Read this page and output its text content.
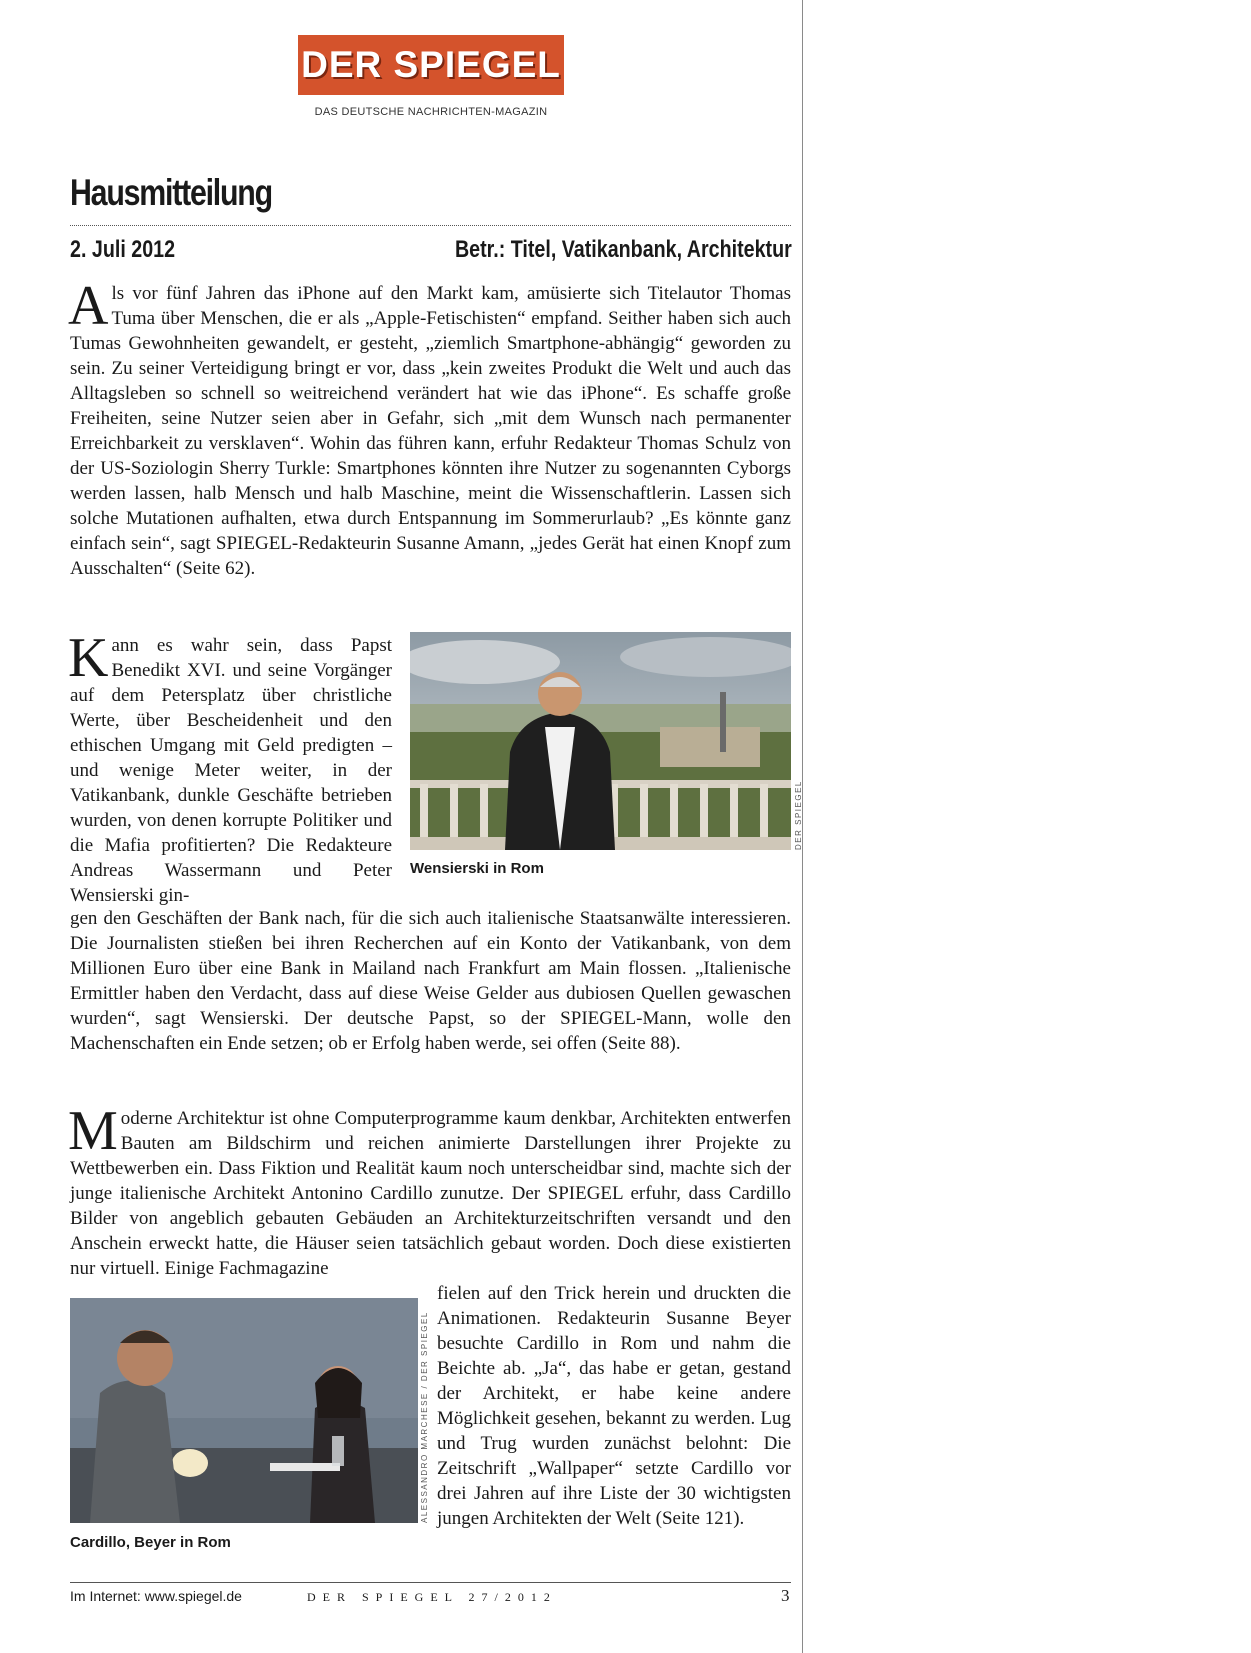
DER SPIEGEL
DAS DEUTSCHE NACHRICHTEN-MAGAZIN
Hausmitteilung
2. Juli 2012	Betr.: Titel, Vatikanbank, Architektur

Als vor fünf Jahren das iPhone auf den Markt kam, amüsierte sich Titelautor Thomas Tuma über Menschen, die er als „Apple-Fetischisten“ empfand. Seither haben sich auch Tumas Gewohnheiten gewandelt, er gesteht, „ziemlich Smartphone-abhängig“ geworden zu sein. Zu seiner Verteidigung bringt er vor, dass „kein zweites Produkt die Welt und auch das Alltagsleben so schnell so weitreichend verändert hat wie das iPhone“. Es schaffe große Freiheiten, seine Nutzer seien aber in Gefahr, sich „mit dem Wunsch nach permanenter Erreichbarkeit zu versklaven“. Wohin das führen kann, erfuhr Redakteur Thomas Schulz von der US-Soziologin Sherry Turkle: Smartphones könnten ihre Nutzer zu sogenannten Cyborgs werden lassen, halb Mensch und halb Maschine, meint die Wissenschaftlerin. Lassen sich solche Mutationen aufhalten, etwa durch Entspannung im Sommerurlaub? „Es könnte ganz einfach sein“, sagt SPIEGEL-Redakteurin Susanne Amann, „jedes Gerät hat einen Knopf zum Ausschalten“ (Seite 62).

Kann es wahr sein, dass Papst Benedikt XVI. und seine Vorgänger auf dem Petersplatz über christliche Werte, über Bescheidenheit und den ethischen Umgang mit Geld predigten – und wenige Meter weiter, in der Vatikanbank, dunkle Geschäfte betrieben wurden, von denen korrupte Politiker und die Mafia profitierten? Die Redakteure Andreas Wassermann und Peter Wensierski gin-

gen den Geschäften der Bank nach, für die sich auch italienische Staatsanwälte interessieren. Die Journalisten stießen bei ihren Recherchen auf ein Konto der Vatikanbank, von dem Millionen Euro über eine Bank in Mailand nach Frankfurt am Main flossen. „Italienische Ermittler haben den Verdacht, dass auf diese Weise Gelder aus dubiosen Quellen gewaschen wurden“, sagt Wensierski. Der deutsche Papst, so der SPIEGEL-Mann, wolle den Machenschaften ein Ende setzen; ob er Erfolg haben werde, sei offen (Seite 88).

DER SPIEGEL
Wensierski in Rom

Moderne Architektur ist ohne Computerprogramme kaum denkbar, Architekten entwerfen Bauten am Bildschirm und reichen animierte Darstellungen ihrer Projekte zu Wettbewerben ein. Dass Fiktion und Realität kaum noch unterscheidbar sind, machte sich der junge italienische Architekt Antonino Cardillo zunutze. Der SPIEGEL erfuhr, dass Cardillo Bilder von angeblich gebauten Gebäuden an Architekturzeitschriften versandt und den Anschein erweckt hatte, die Häuser seien tatsächlich gebaut worden. Doch diese existierten nur virtuell. Einige Fachmagazine

fielen auf den Trick herein und druckten die Animationen. Redakteurin Susanne Beyer besuchte Cardillo in Rom und nahm die Beichte ab. „Ja“, das habe er getan, gestand der Architekt, er habe keine andere Möglichkeit gesehen, bekannt zu werden. Lug und Trug wurden zunächst belohnt: Die Zeitschrift „Wallpaper“ setzte Cardillo vor drei Jahren auf ihre Liste der 30 wichtigsten jungen Architekten der Welt (Seite 121).

ALESSANDRO MARCHESE / DER SPIEGEL
Cardillo, Beyer in Rom
Im Internet: www.spiegel.de	DER SPIEGEL 27/2012	3
